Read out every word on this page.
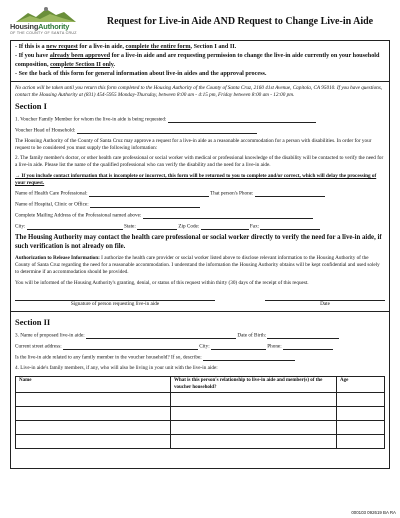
HousingAuthority
OF THE COUNTY OF SANTA CRUZ
Request for Live-in Aide AND Request to Change Live-in Aide

- If this is a new request for a live-in aide, complete the entire form, Section I and II.

- If you have already been approved for a live-in aide and are requesting permission to change the live-in aide currently on your household composition, complete Section II only.

- See the back of this form for general information about live-in aides and the approval process.

No action will be taken until you return this form completed to the Housing Authority of the County of Santa Cruz, 2160 41st Avenue, Capitola, CA 95010. If you have questions, contact the Housing Authority at (831) 454-5955 Monday-Thursday, between 8:00 am - 4:15 pm, Friday between 8:00 am - 12:00 pm.
Section I

1. Voucher Family Member for whom the live-in aide is being requested:

Voucher Head of Household:

The Housing Authority of the County of Santa Cruz may approve a request for a live-in aide as a reasonable accommodation for a person with disabilities. In order for your request to be considered you must supply the following information:

2. The family member's doctor, or other health care professional or social worker with medical or professional knowledge of the disability will be contacted to verify the need for a live-in aide. Please list the name of the qualified professional who can verify the disability and the need for a live-in aide.

→ If you include contact information that is incomplete or incorrect, this form will be returned to you to complete and/or correct, which will delay the processing of your request.

Name of Health Care Professional:	That person's Phone:

Name of Hospital, Clinic or Office:

Complete Mailing Address of the Professional named above:

City:	State:	Zip Code:	Fax:

The Housing Authority may contact the health care professional or social worker directly to verify the need for a live-in aide, if such verification is not already on file.

Authorization to Release Information: I authorize the health care provider or social worker listed above to disclose relevant information to the Housing Authority of the County of Santa Cruz regarding the need for a reasonable accommodation. I understand the information the Housing Authority obtains will be kept confidential and used solely to determine if an accommodation should be provided.

You will be informed of the Housing Authority's granting, denial, or status of this request within thirty (30) days of the receipt of this request.

Signature of person requesting live-in aide	Date
Section II

3. Name of proposed live-in aide:	Date of Birth:

Current street address:	City:	Phone:

Is the live-in aide related to any family member in the voucher household? If so, describe:

4. Live-in aide's family members, if any, who will also be living in your unit with the live-in aide:

Name	What is this person's relationship to live-in aide and member(s) of the voucher household?	Age

000103 092619 BA RA
